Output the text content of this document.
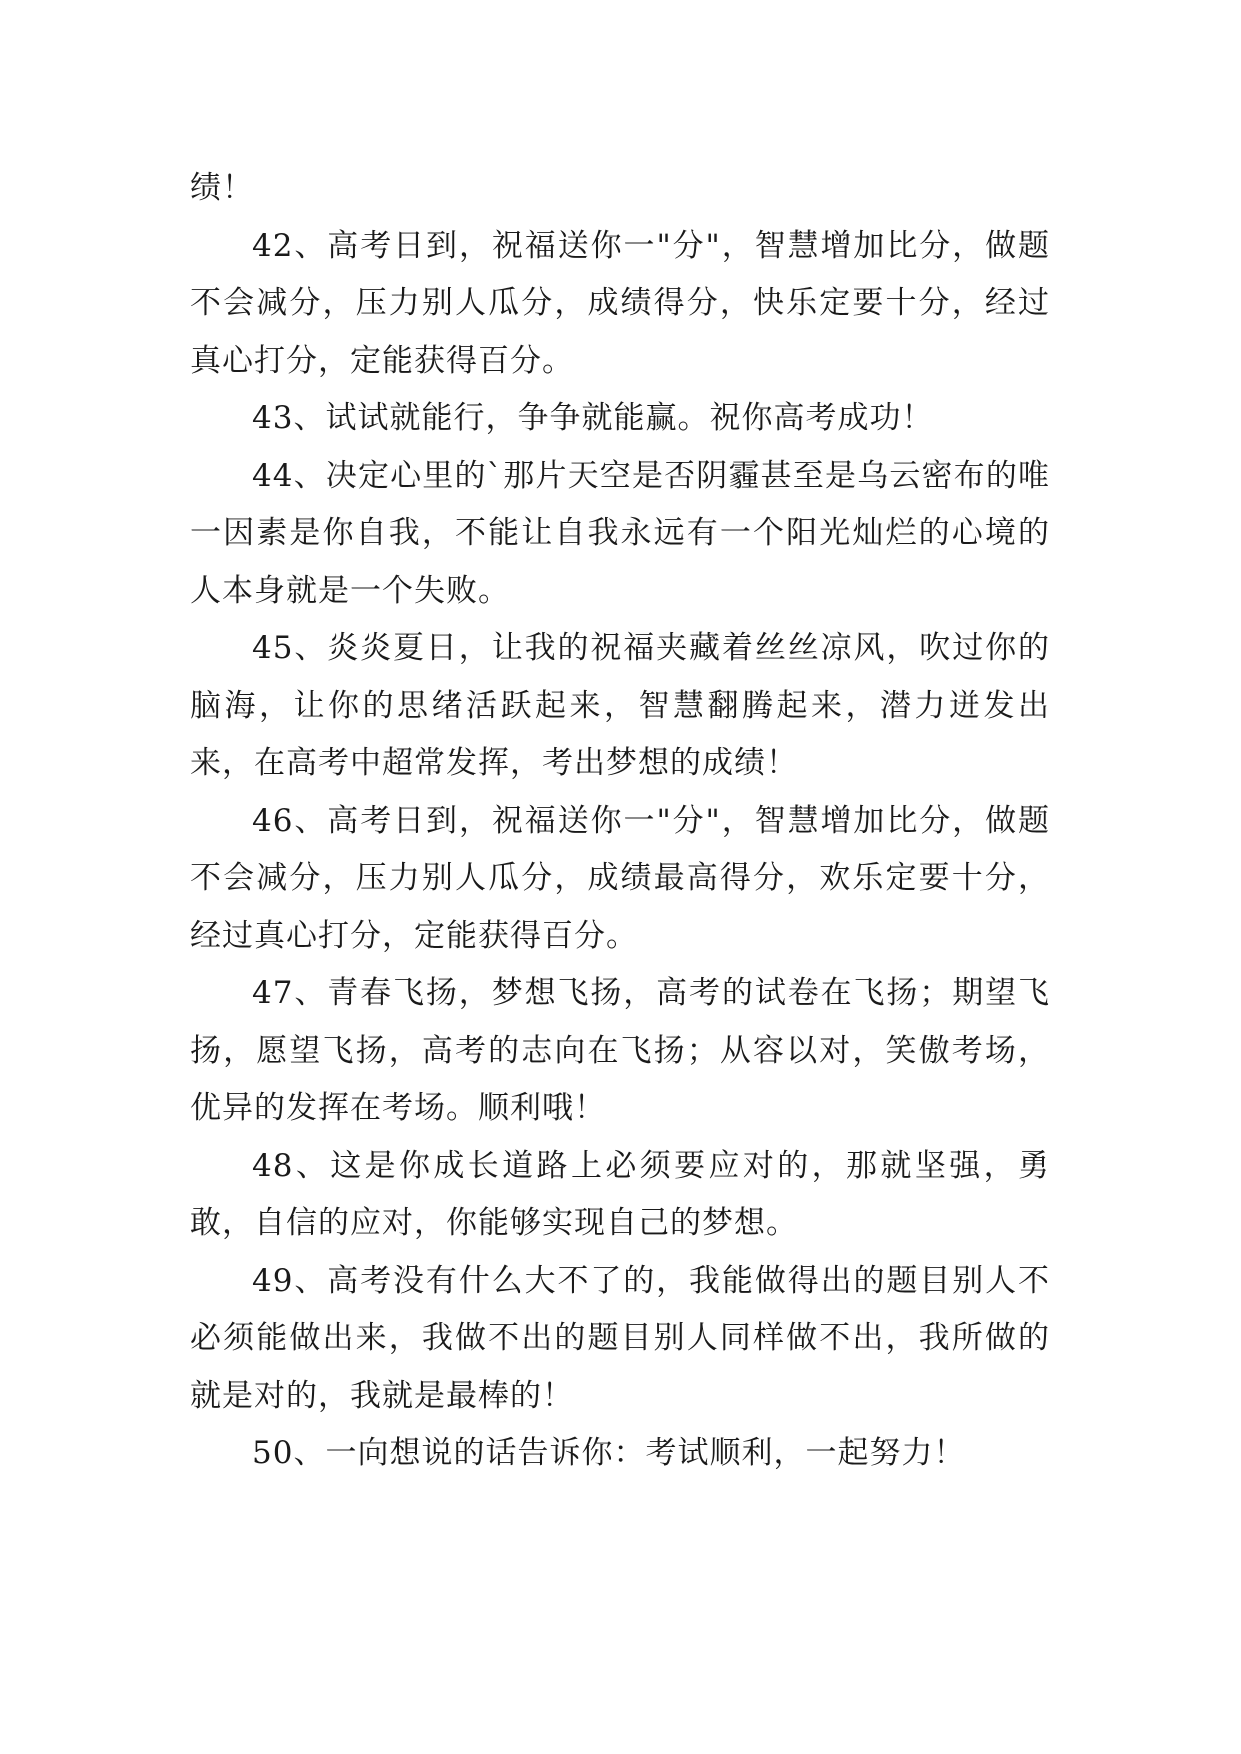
绩！

42、高考日到，祝福送你一"分"，智慧增加比分，做题不会减分，压力别人瓜分，成绩得分，快乐定要十分，经过真心打分，定能获得百分。

43、试试就能行，争争就能赢。祝你高考成功！

44、决定心里的`那片天空是否阴霾甚至是乌云密布的唯一因素是你自我，不能让自我永远有一个阳光灿烂的心境的人本身就是一个失败。

45、炎炎夏日，让我的祝福夹藏着丝丝凉风，吹过你的脑海，让你的思绪活跃起来，智慧翻腾起来，潜力迸发出来，在高考中超常发挥，考出梦想的成绩！

46、高考日到，祝福送你一"分"，智慧增加比分，做题不会减分，压力别人瓜分，成绩最高得分，欢乐定要十分，经过真心打分，定能获得百分。

47、青春飞扬，梦想飞扬，高考的试卷在飞扬；期望飞扬，愿望飞扬，高考的志向在飞扬；从容以对，笑傲考场，优异的发挥在考场。顺利哦！

48、这是你成长道路上必须要应对的，那就坚强，勇敢，自信的应对，你能够实现自己的梦想。

49、高考没有什么大不了的，我能做得出的题目别人不必须能做出来，我做不出的题目别人同样做不出，我所做的就是对的，我就是最棒的！

50、一向想说的话告诉你：考试顺利，一起努力！
